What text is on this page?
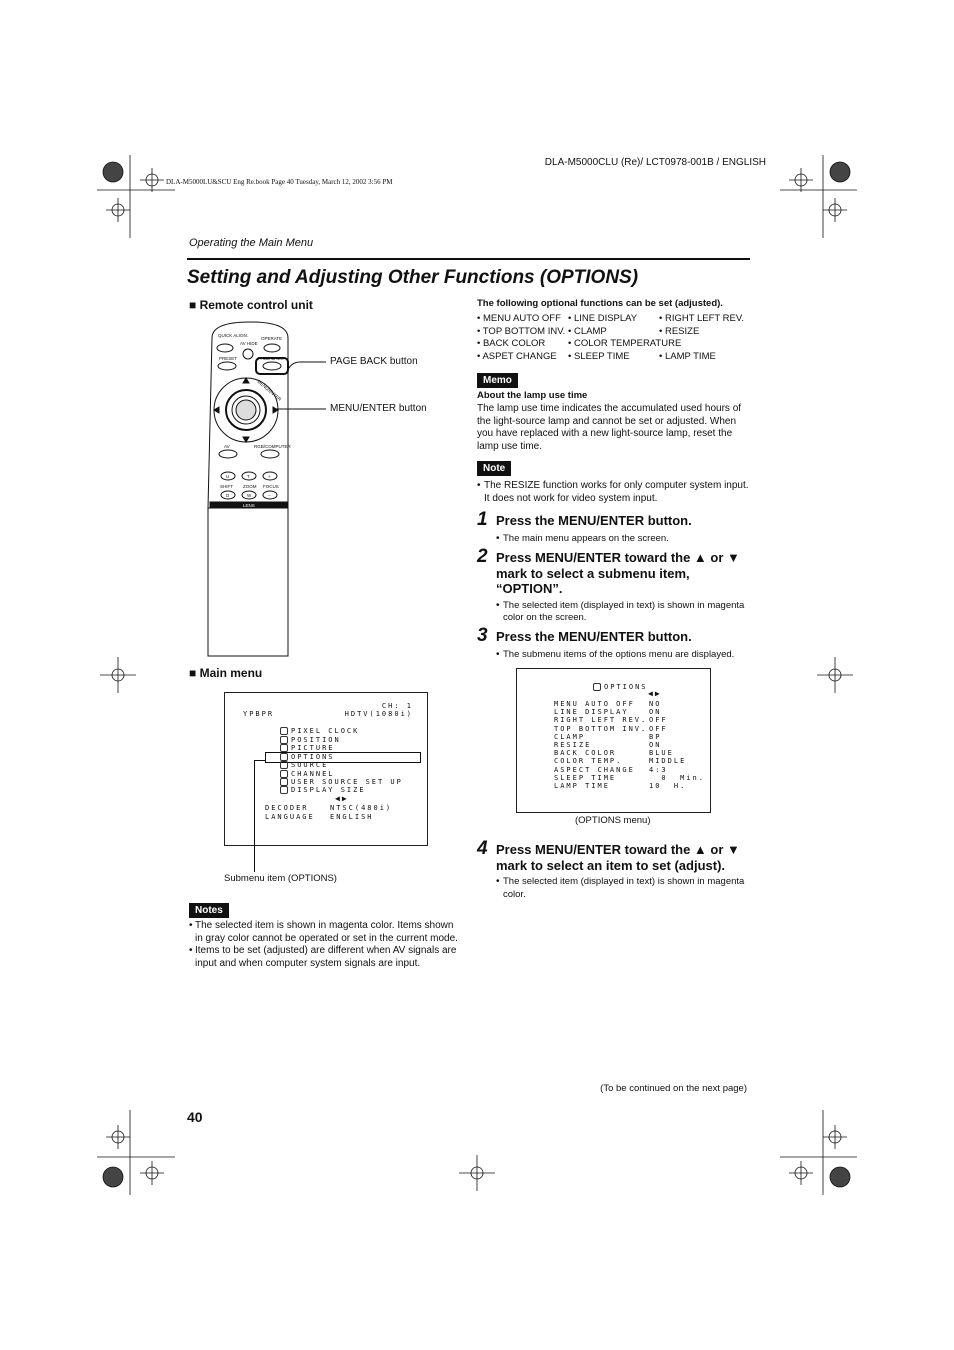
DLA-M5000CLU (Re)/ LCT0978-001B / ENGLISH
DLA-M5000LU&SCU Eng Re.book Page 40 Tuesday, March 12, 2002 3:56 PM
Operating the Main Menu
Setting and Adjusting Other Functions (OPTIONS)
■ Remote control unit
QUICK ALIGN.
OPERATE
AV HIDE
PRESET	PAGE BACK
AV	RGB/COMPUTER
SHIFT ZOOM FOCUS
U	T	+
D	W	−
LENS
MENU/ENTER
PAGE BACK button
MENU/ENTER button
■ Main menu
CH: 1
YPBPR	HDTV(1080i)
PIXEL CLOCK
POSITION
PICTURE
OPTIONS
SOURCE
CHANNEL
USER SOURCE SET UP
DISPLAY SIZE
◀▶
DECODER	NTSC(480i)
LANGUAGE ENGLISH
Submenu item (OPTIONS)
Notes
• The selected item is shown in magenta color. Items shown in gray color cannot be operated or set in the current mode.
• Items to be set (adjusted) are different when AV signals are input and when computer system signals are input.
The following optional functions can be set (adjusted).
• MENU AUTO OFF
• TOP BOTTOM INV.
• BACK COLOR
• ASPET CHANGE
• LINE DISPLAY
• CLAMP
• COLOR TEMPERATURE
• SLEEP TIME
• RIGHT LEFT REV.
• RESIZE
• LAMP TIME
Memo
About the lamp use time
The lamp use time indicates the accumulated used hours of the light-source lamp and cannot be set or adjusted. When you have replaced with a new light-source lamp, reset the lamp use time.
Note
• The RESIZE function works for only computer system input. It does not work for video system input.
1 Press the MENU/ENTER button.
• The main menu appears on the screen.
2 Press MENU/ENTER toward the ▲ or ▼ mark to select a submenu item, “OPTION”.
• The selected item (displayed in text) is shown in magenta color on the screen.
3 Press the MENU/ENTER button.
• The submenu items of the options menu are displayed.
OPTIONS
◀▶
MENU AUTO OFF NO
LINE DISPLAY	ON
RIGHT LEFT REV. OFF
TOP BOTTOM INV. OFF
CLAMP	BP
RESIZE	ON
BACK COLOR	BLUE
COLOR TEMP.	MIDDLE
ASPECT CHANGE 4:3
SLEEP TIME	0  Min.
LAMP TIME	10  H.
(OPTIONS menu)
4 Press MENU/ENTER toward the ▲ or ▼ mark to select an item to set (adjust).
• The selected item (displayed in text) is shown in magenta color.
(To be continued on the next page)
40
